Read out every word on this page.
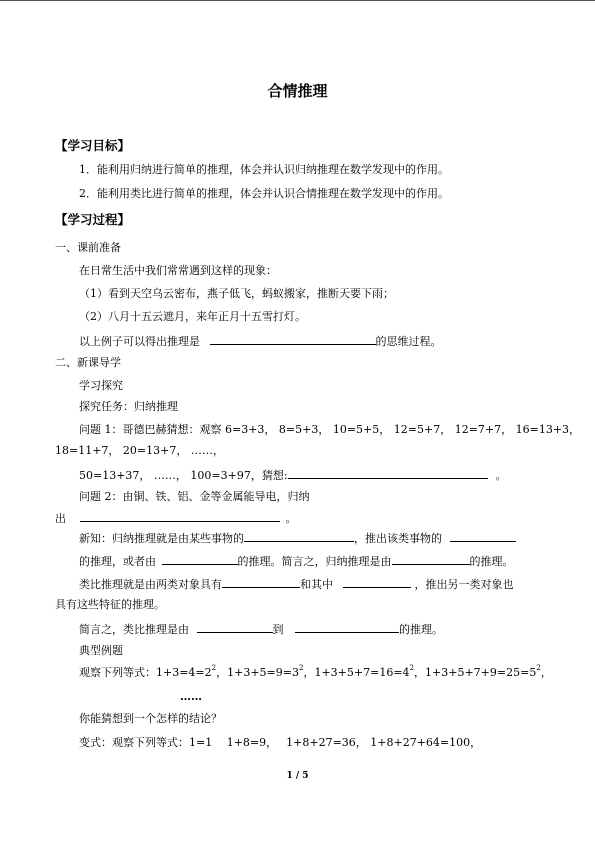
合情推理
【学习目标】
1．能利用归纳进行简单的推理，体会并认识归纳推理在数学发现中的作用。
2．能利用类比进行简单的推理，体会并认识合情推理在数学发现中的作用。
【学习过程】
一、课前准备
在日常生活中我们常常遇到这样的现象：
（1）看到天空乌云密布，燕子低飞，蚂蚁搬家，推断天要下雨；
（2）八月十五云遮月，来年正月十五雪打灯。
以上例子可以得出推理是	的思维过程。
二、新课导学
学习探究
探究任务：归纳推理
问题 1：哥德巴赫猜想：观察 6=3+3， 8=5+3， 10=5+5， 12=5+7， 12=7+7， 16=13+3，
18=11+7， 20=13+7， ……，
50=13+37， ……， 100=3+97，猜想:	。
问题 2：由铜、铁、铝、金等金属能导电，归纳
出	。
新知：归纳推理就是由某些事物的	，推出该类事物的
的推理，或者由	的推理。简言之，归纳推理是由	的推理。
类比推理就是由两类对象具有	和其中	，推出另一类对象也
具有这些特征的推理。
简言之，类比推理是由	到	的推理。
典型例题
观察下列等式：$1+3=4=2^2$，$1+3+5=9=3^2$，$1+3+5+7=16=4^2$，$1+3+5+7+9=25=5^2$，
……
你能猜想到一个怎样的结论？
变式：观察下列等式：1=1　 1+8=9，　 1+8+27=36， 1+8+27+64=100，
1 / 5
